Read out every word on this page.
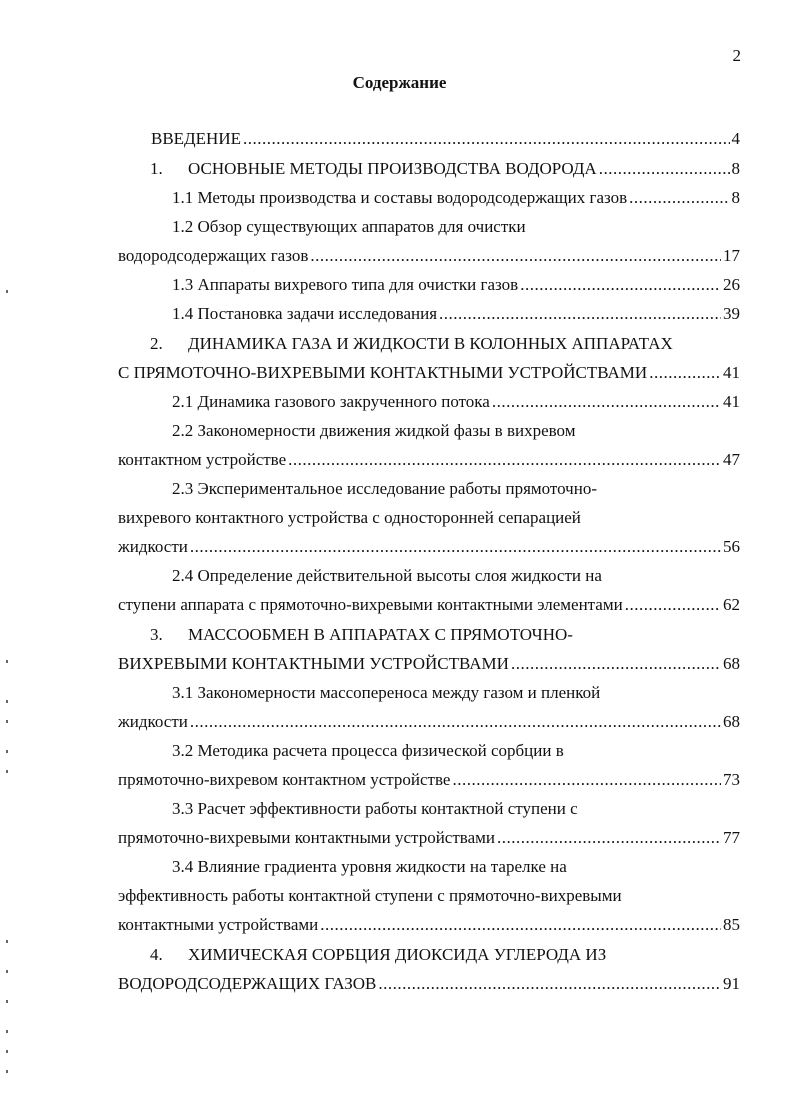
2
Содержание
ВВЕДЕНИЕ .....	4
1. ОСНОВНЫЕ МЕТОДЫ ПРОИЗВОДСТВА ВОДОРОДА .....	8
1.1 Методы производства и составы водородсодержащих газов .....	8
1.2 Обзор существующих аппаратов для очистки
водородсодержащих газов .....	17
1.3 Аппараты вихревого типа для очистки газов .....	26
1.4 Постановка задачи исследования .....	39
2. ДИНАМИКА ГАЗА И ЖИДКОСТИ В КОЛОННЫХ АППАРАТАХ
С ПРЯМОТОЧНО-ВИХРЕВЫМИ КОНТАКТНЫМИ УСТРОЙСТВАМИ .....	41
2.1 Динамика газового закрученного потока .....	41
2.2 Закономерности движения жидкой фазы в вихревом
контактном устройстве .....	47
2.3 Экспериментальное исследование работы прямоточно-
вихревого контактного устройства с односторонней сепарацией
жидкости .....	56
2.4 Определение действительной высоты слоя жидкости на
ступени аппарата с прямоточно-вихревыми контактными элементами .....	62
3. МАССООБМЕН В АППАРАТАХ С ПРЯМОТОЧНО-
ВИХРЕВЫМИ КОНТАКТНЫМИ УСТРОЙСТВАМИ .....	68
3.1 Закономерности массопереноса между газом и пленкой
жидкости .....	68
3.2 Методика расчета процесса физической сорбции в
прямоточно-вихревом контактном устройстве .....	73
3.3 Расчет эффективности работы контактной ступени с
прямоточно-вихревыми контактными устройствами .....	77
3.4 Влияние градиента уровня жидкости на тарелке на
эффективность работы контактной ступени с прямоточно-вихревыми
контактными устройствами .....	85
4. ХИМИЧЕСКАЯ СОРБЦИЯ ДИОКСИДА УГЛЕРОДА ИЗ
ВОДОРОДСОДЕРЖАЩИХ ГАЗОВ .....	91
